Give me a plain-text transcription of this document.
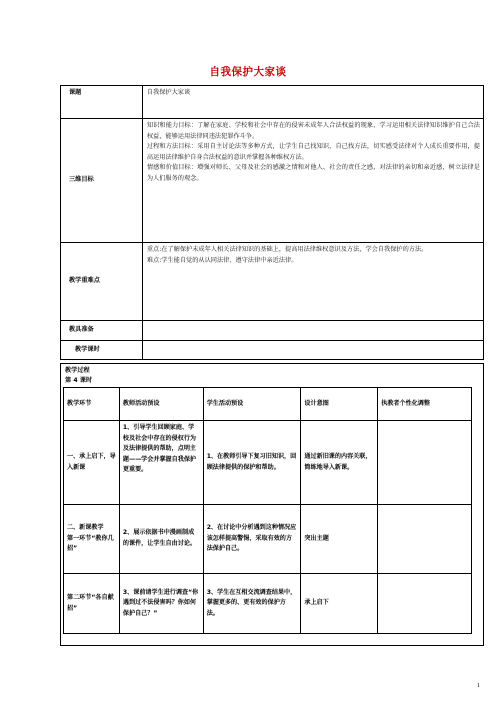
自我保护大家谈
课题	自我保护大家谈
三维目标	知识和能力目标：了解在家庭、学校和社会中存在的侵害未成年人合法权益的现象，学习运用相关法律知识维护自己合法权益，能够运用法律同违法犯罪作斗争。
过程和方法目标：采用自主讨论法等多种方式，让学生自己找知识，自己找方法，切实感受法律对个人成长重要作用，提高运用法律维护自身合法权益的意识并掌握各种维权方法。
情感和价值目标：增强对师长、父母及社会的感激之情和对他人、社会的责任之感，对法律的亲切和亲近感，树立法律是为人们服务的观念。

教学重难点	重点:在了解保护未成年人相关法律知识的基础上，提高用法律维权意识及方法，学会自我保护的方法。
难点:学生能自觉的从认同法律、遵守法律中亲近法律。

教具准备	
教学课时	
教学过程
第 4 课时
教学环节	教师活动预设	学生活动预设	设计意图	执教者个性化调整
一、承上启下，导入新课	1、引导学生回顾家庭、学校及社会中存在的侵权行为及法律提供的帮助，点明主题——学会并掌握自我保护更重要。	1、在教师引导下复习旧知识，回顾法律提供的保护和帮助。	通过新旧课的内容关联，简练地导入新课。	
二、新课教学
第一环节“教你几招”	2、展示依据书中漫画制成的课件，让学生自由讨论。	2、在讨论中分析遇到这种情况应该怎样提高警惕，采取有效的方法保护自己。	突出主题	
第二环节“各自献招”	3、课前请学生进行调查“你遇到过不法侵害吗？你如何保护自己？”	3、学生在互相交流调查结果中，掌握更多的、更有效的保护方法。	承上启下	
1
